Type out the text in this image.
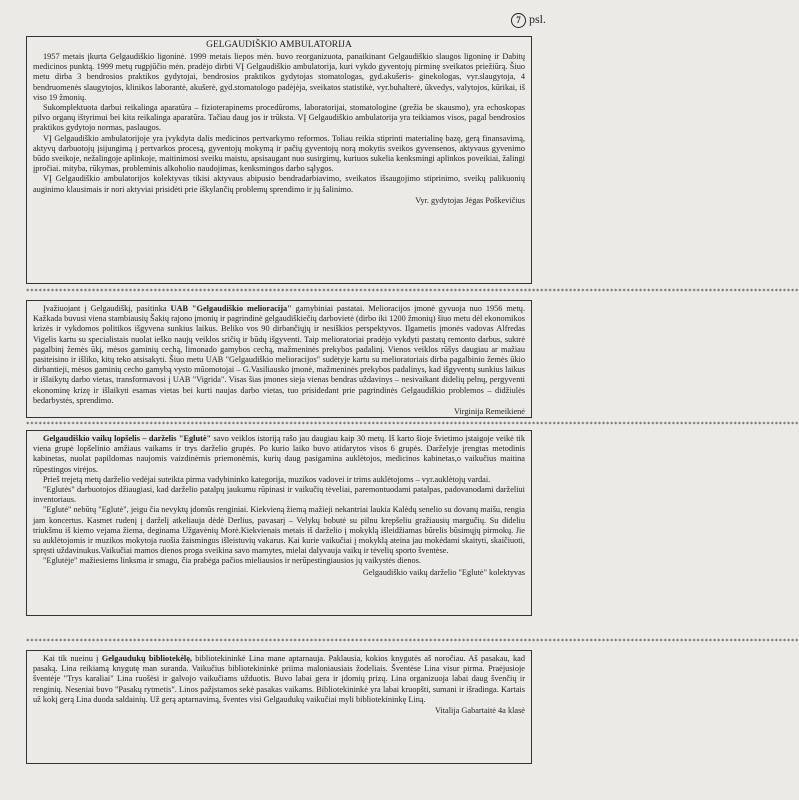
7 psl.

GELGAUDIŠKIO AMBULATORIJA

1957 metais įkurta Gelgaudiškio ligoninė. 1999 metais liepos mėn. buvo reorganizuota, panaikinant Gelgaudiškio slaugos ligoninę ir Dabitų medicinos punktą. 1999 metų rugpjūčio mėn. pradėjo dirbti VĮ Gelgaudiškio ambulatorija, kuri vykdo gyventojų pirminę sveikatos priežiūrą. Šiuo metu dirba 3 bendrosios praktikos gydytojai, bendrosios praktikos gydytojas stomatologas, gyd.akušeris- ginekologas, vyr.slaugytoja, 4 bendruomenės slaugytojos, klinikos laborantė, akušerė, gyd.stomatologo padėjėja, sveikatos statistikė, vyr.buhalterė, ūkvedys, valytojos, kūrikai, iš viso 19 žmonių.

Sukomplektuota darbui reikalinga aparatūra – fizioterapinems procedūroms, laboratorijai, stomatologine (grežia be skausmo), yra echoskopas pilvo organų ištyrimui bei kita reikalinga aparatūra. Tačiau daug jos ir trūksta. VĮ Gelgaudiškio ambulatorija yra teikiamos visos, pagal bendrosios praktikos gydytojo normas, paslaugos.

VĮ Gelgaudiškio ambulatorijoje yra įvykdyta dalis medicinos pertvarkymo reformos. Toliau reikia stiprinti materialinę bazę, gerą finansavimą, aktyvų darbuotojų įsijungimą į pertvarkos procesą, gyventojų mokymą ir pačių gyventojų norą mokytis sveikos gyvensenos, aktyvaus gyvenimo būdo sveikoje, nežalingoje aplinkoje, maitinimosi sveiku maistu, apsisaugant nuo susirgimų, kuriuos sukelia kenksmingi aplinkos poveikiai, žalingi įpročiai. mityba, rūkymas, probleminis alkoholio naudojimas, kenksmingos darbo sąlygos.

VĮ Gelgaudiškio ambulatorijos kolektyvas tikisi aktyvaus abipusio bendradarbiavimo, sveikatos išsaugojimo stiprinimo, sveikų palikuonių auginimo klausimais ir nori aktyviai prisidėti prie iškylančių problemų sprendimo ir jų šalinimo.

Vyr. gydytojas Jėgas Poškevičius

********************************************************************************************************************************************************************************************

Įvažiuojant į Gelgaudiškį, pasitinka UAB "Gelgaudiškio melioracija" gamybiniai pastatai. Melioracijos įmonė gyvuoja nuo 1956 metų. Kažkada buvusi viena stambiausių Šakių rajono įmonių ir pagrindinė gelgaudiškiečių darbovietė (dirbo iki 1200 žmonių) šiuo metu dėl ekonomikos krizės ir vykdomos politikos išgyvena sunkius laikus. Beliko vos 90 dirbančiųjų ir nesiškios perspektyvos. Ilgametis įmonės vadovas Alfredas Vigelis kartu su specialistais nuolat ieško naujų veiklos sričių ir būdų išgyventi. Taip melioratoriai pradėjo vykdyti pastatų remonto darbus, suktrė pagalbinį žemės ūkį, mėsos gaminių cechą, limonado gamybos cechą, mažmeninės prekybos padalinį. Vienos veiklos rūšys daugiau ar mažiau pasiteisino ir išliko, kitų teko atsisakyti. Šiuo metu UAB "Gelgaudiškio melioracijos" sudėtyje kartu su melioratoriais dirba pagalbinio žemės ūkio dirbantieji, mėsos gaminių cecho gamybą vysto mūomotojai – G.Vasiliausko įmonė, mažmeninės prekybos padalinys, kad išgyventų sunkius laikus ir išlaikytų darbo vietas, transformavosi į UAB "Vigrida". Visas šias įmones sieja vienas bendras uždavinys – nesivaikant didelių pelnų, pergyventi ekonominę krizę ir išlaikyti esamas vietas bei kurti naujas darbo vietas, tuo prisidedant prie pagrindinės Gelgaudiškio problemos – didžiulės bedarbystės, sprendimo.

Virginija Remeikienė

********************************************************************************************************************************************************************************************

Gelgaudiškio vaikų lopšelis – darželis "Eglutė" savo veiklos istoriją rašo jau daugiau kaip 30 metų. Iš karto šioje švietimo įstaigoje veikė tik viena grupė lopšelinio amžiaus vaikams ir trys darželio grupės. Po kurio laiko buvo atidarytos visos 6 grupės. Darželyje įrengtas metodinis kabinetas, nuolat papildomas naujomis vaizdinėmis priemonėmis, kurių daug pasigamina auklėtojos, medicinos kabinetas,o vaikučius maitina rūpestingos virėjos.

Prieš trejetą metų darželio vedėjai suteikta pirma vadybininko kategorija, muzikos vadovei ir trims auklėtojoms – vyr.auklėtojų vardai.

"Eglutės" darbuotojos džiaugiasi, kad darželio patalpų jaukumu rūpinasi ir vaikučių tėveliai, paremontuodami patalpas, padovanodami darželiui inventoriaus.

"Eglutė" nebūtų "Eglutė", jeigu čia nevyktų įdomūs renginiai. Kiekvieną žiemą mažieji nekantriai laukia Kalėdų senelio su dovanų maišu, rengia jam koncertus. Kasmet rudenį į darželį atkeliauja dėdė Derlius, pavasarį – Velykų bobutė su pilnu krepšeliu gražiausių margučių. Su dideliu triukšmu iš kiemo vejama žiema, deginama Užgavėnių Morė.Kiekvienais metais iš darželio į mokyklą išleidžiamas būrelis būsimųjų pirmokų. Jie su auklėtojomis ir muzikos mokytoja ruošia žaismingus išleistuvių vakarus. Kai kurie vaikučiai į mokyklą ateina jau mokėdami skaityti, skaičiuoti, spręsti uždavinukus.Vaikučiai mamos dienos proga sveikina savo mamytes, mielai dalyvauja vaikų ir tėvelių sporto šventėse.

"Eglutėje" mažiesiems linksma ir smagu, čia prabėga pačios mieliausios ir nerūpestingiausios jų vaikystės dienos.

Gelgaudiškio vaikų darželio "Eglutė" kolektyvas

********************************************************************************************************************************************************************************************

Kai tik nueinu į Gelgaudukų bibliotekėlę, bibliotekininkė Lina mane aptarnauja. Paklausia, kokios knygutės aš noročiau. Aš pasakau, kad pasaką. Lina reikiamą knygutę man suranda. Vaikučius bibliotekininkė priima maloniausiais žodeliais. Šventėse Lina visur pirma. Praėjusioje šventėje "Trys karaliai" Lina ruošėsi ir galvojo vaikučiams užduotis. Buvo labai gera ir įdomių prizų. Lina organizuoja labai daug švenčių ir renginių. Neseniai buvo "Pasakų rytmetis". Linos pažįstamos sekė pasakas vaikams. Bibliotekininkė yra labai kruopšti, sumani ir išradinga. Kartais už kokį gerą Lina duoda saldainių. Už gerą aptarnavimą, šventes visi Gelgaudukų vaikučiai myli bibliotekininkę Liną.

Vitalija Gabartaitė 4a klasė
